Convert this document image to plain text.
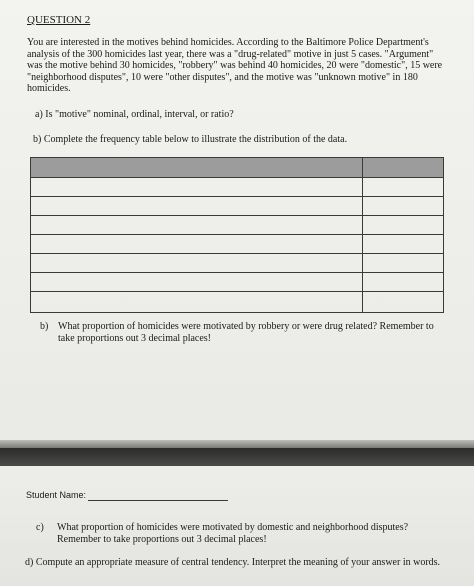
QUESTION 2
You are interested in the motives behind homicides. According to the Baltimore Police Department's analysis of the 300 homicides last year, there was a "drug-related" motive in just 5 cases. "Argument" was the motive behind 30 homicides, "robbery" was behind 40 homicides, 20 were "domestic", 15 were "neighborhood disputes", 10 were "other disputes", and the motive was "unknown motive" in 180 homicides.
a) Is "motive" nominal, ordinal, interval, or ratio?
b) Complete the frequency table below to illustrate the distribution of the data.
b) What proportion of homicides were motivated by robbery or were drug related? Remember to take proportions out 3 decimal places!
Student Name:
c) What proportion of homicides were motivated by domestic and neighborhood disputes? Remember to take proportions out 3 decimal places!
d) Compute an appropriate measure of central tendency. Interpret the meaning of your answer in words.
